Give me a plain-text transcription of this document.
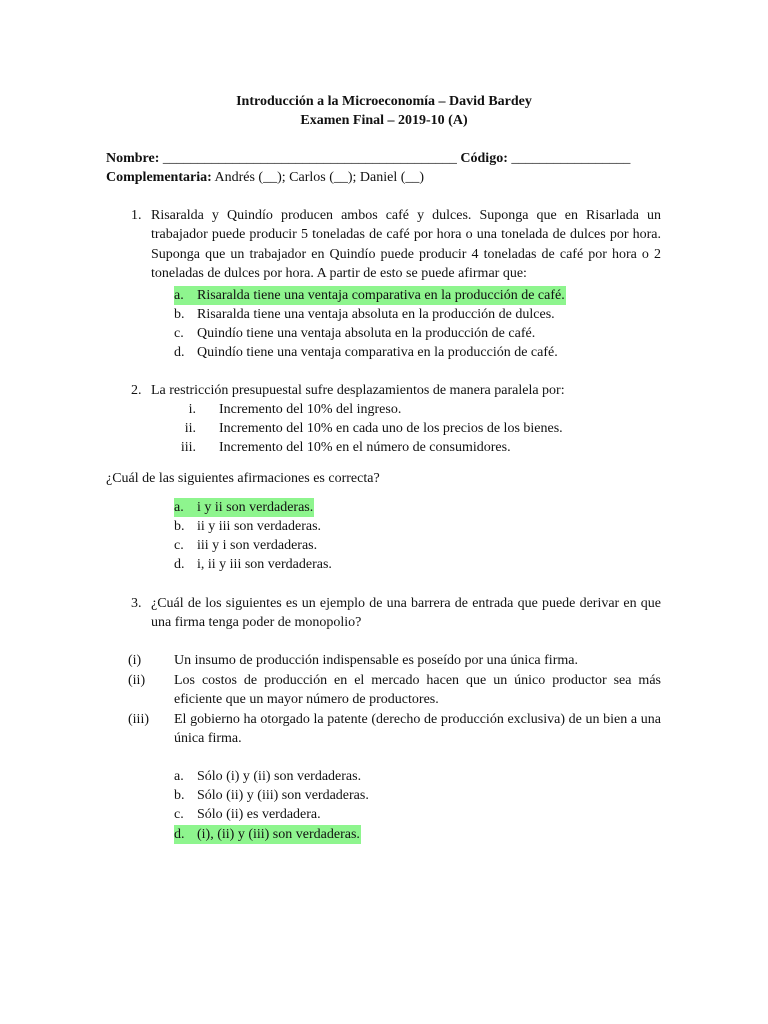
Introducción a la Microeconomía – David Bardey
Examen Final – 2019-10 (A)
Nombre: __________________________________________ Código: _________________
Complementaria: Andrés (__); Carlos (__); Daniel (__)
1. Risaralda y Quindío producen ambos café y dulces. Suponga que en Risarlada un trabajador puede producir 5 toneladas de café por hora o una tonelada de dulces por hora. Suponga que un trabajador en Quindío puede producir 4 toneladas de café por hora o 2 toneladas de dulces por hora. A partir de esto se puede afirmar que:
a. Risaralda tiene una ventaja comparativa en la producción de café.
b. Risaralda tiene una ventaja absoluta en la producción de dulces.
c. Quindío tiene una ventaja absoluta en la producción de café.
d. Quindío tiene una ventaja comparativa en la producción de café.
2. La restricción presupuestal sufre desplazamientos de manera paralela por:
i. Incremento del 10% del ingreso.
ii. Incremento del 10% en cada uno de los precios de los bienes.
iii. Incremento del 10% en el número de consumidores.
¿Cuál de las siguientes afirmaciones es correcta?
a. i y ii son verdaderas.
b. ii y iii son verdaderas.
c. iii y i son verdaderas.
d. i, ii y iii son verdaderas.
3. ¿Cuál de los siguientes es un ejemplo de una barrera de entrada que puede derivar en que una firma tenga poder de monopolio?
(i) Un insumo de producción indispensable es poseído por una única firma.
(ii) Los costos de producción en el mercado hacen que un único productor sea más eficiente que un mayor número de productores.
(iii) El gobierno ha otorgado la patente (derecho de producción exclusiva) de un bien a una única firma.
a. Sólo (i) y (ii) son verdaderas.
b. Sólo (ii) y (iii) son verdaderas.
c. Sólo (ii) es verdadera.
d. (i), (ii) y (iii) son verdaderas.
